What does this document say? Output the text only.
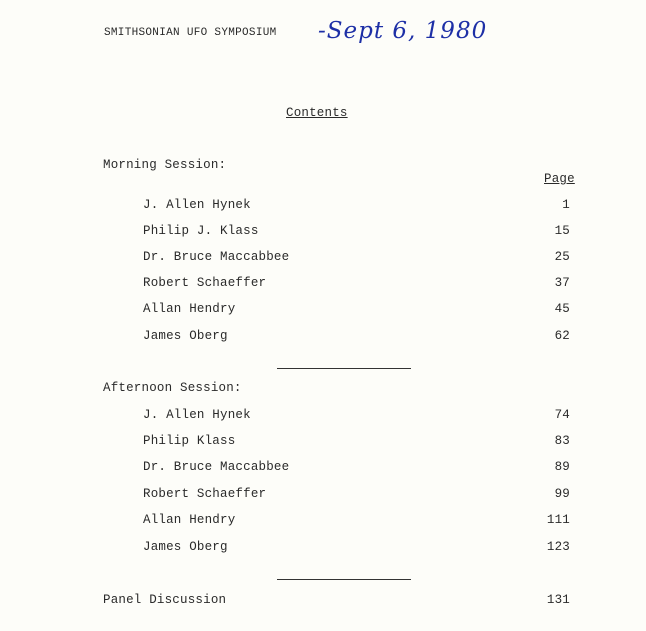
SMITHSONIAN UFO SYMPOSIUM -Sept 6, 1980
Contents
Morning Session:
Page
J. Allen Hynek	1
Philip J. Klass	15
Dr. Bruce Maccabbee	25
Robert Schaeffer	37
Allan Hendry	45
James Oberg	62
Afternoon Session:
J. Allen Hynek	74
Philip Klass	83
Dr. Bruce Maccabbee	89
Robert Schaeffer	99
Allan Hendry	111
James Oberg	123
Panel Discussion	131
